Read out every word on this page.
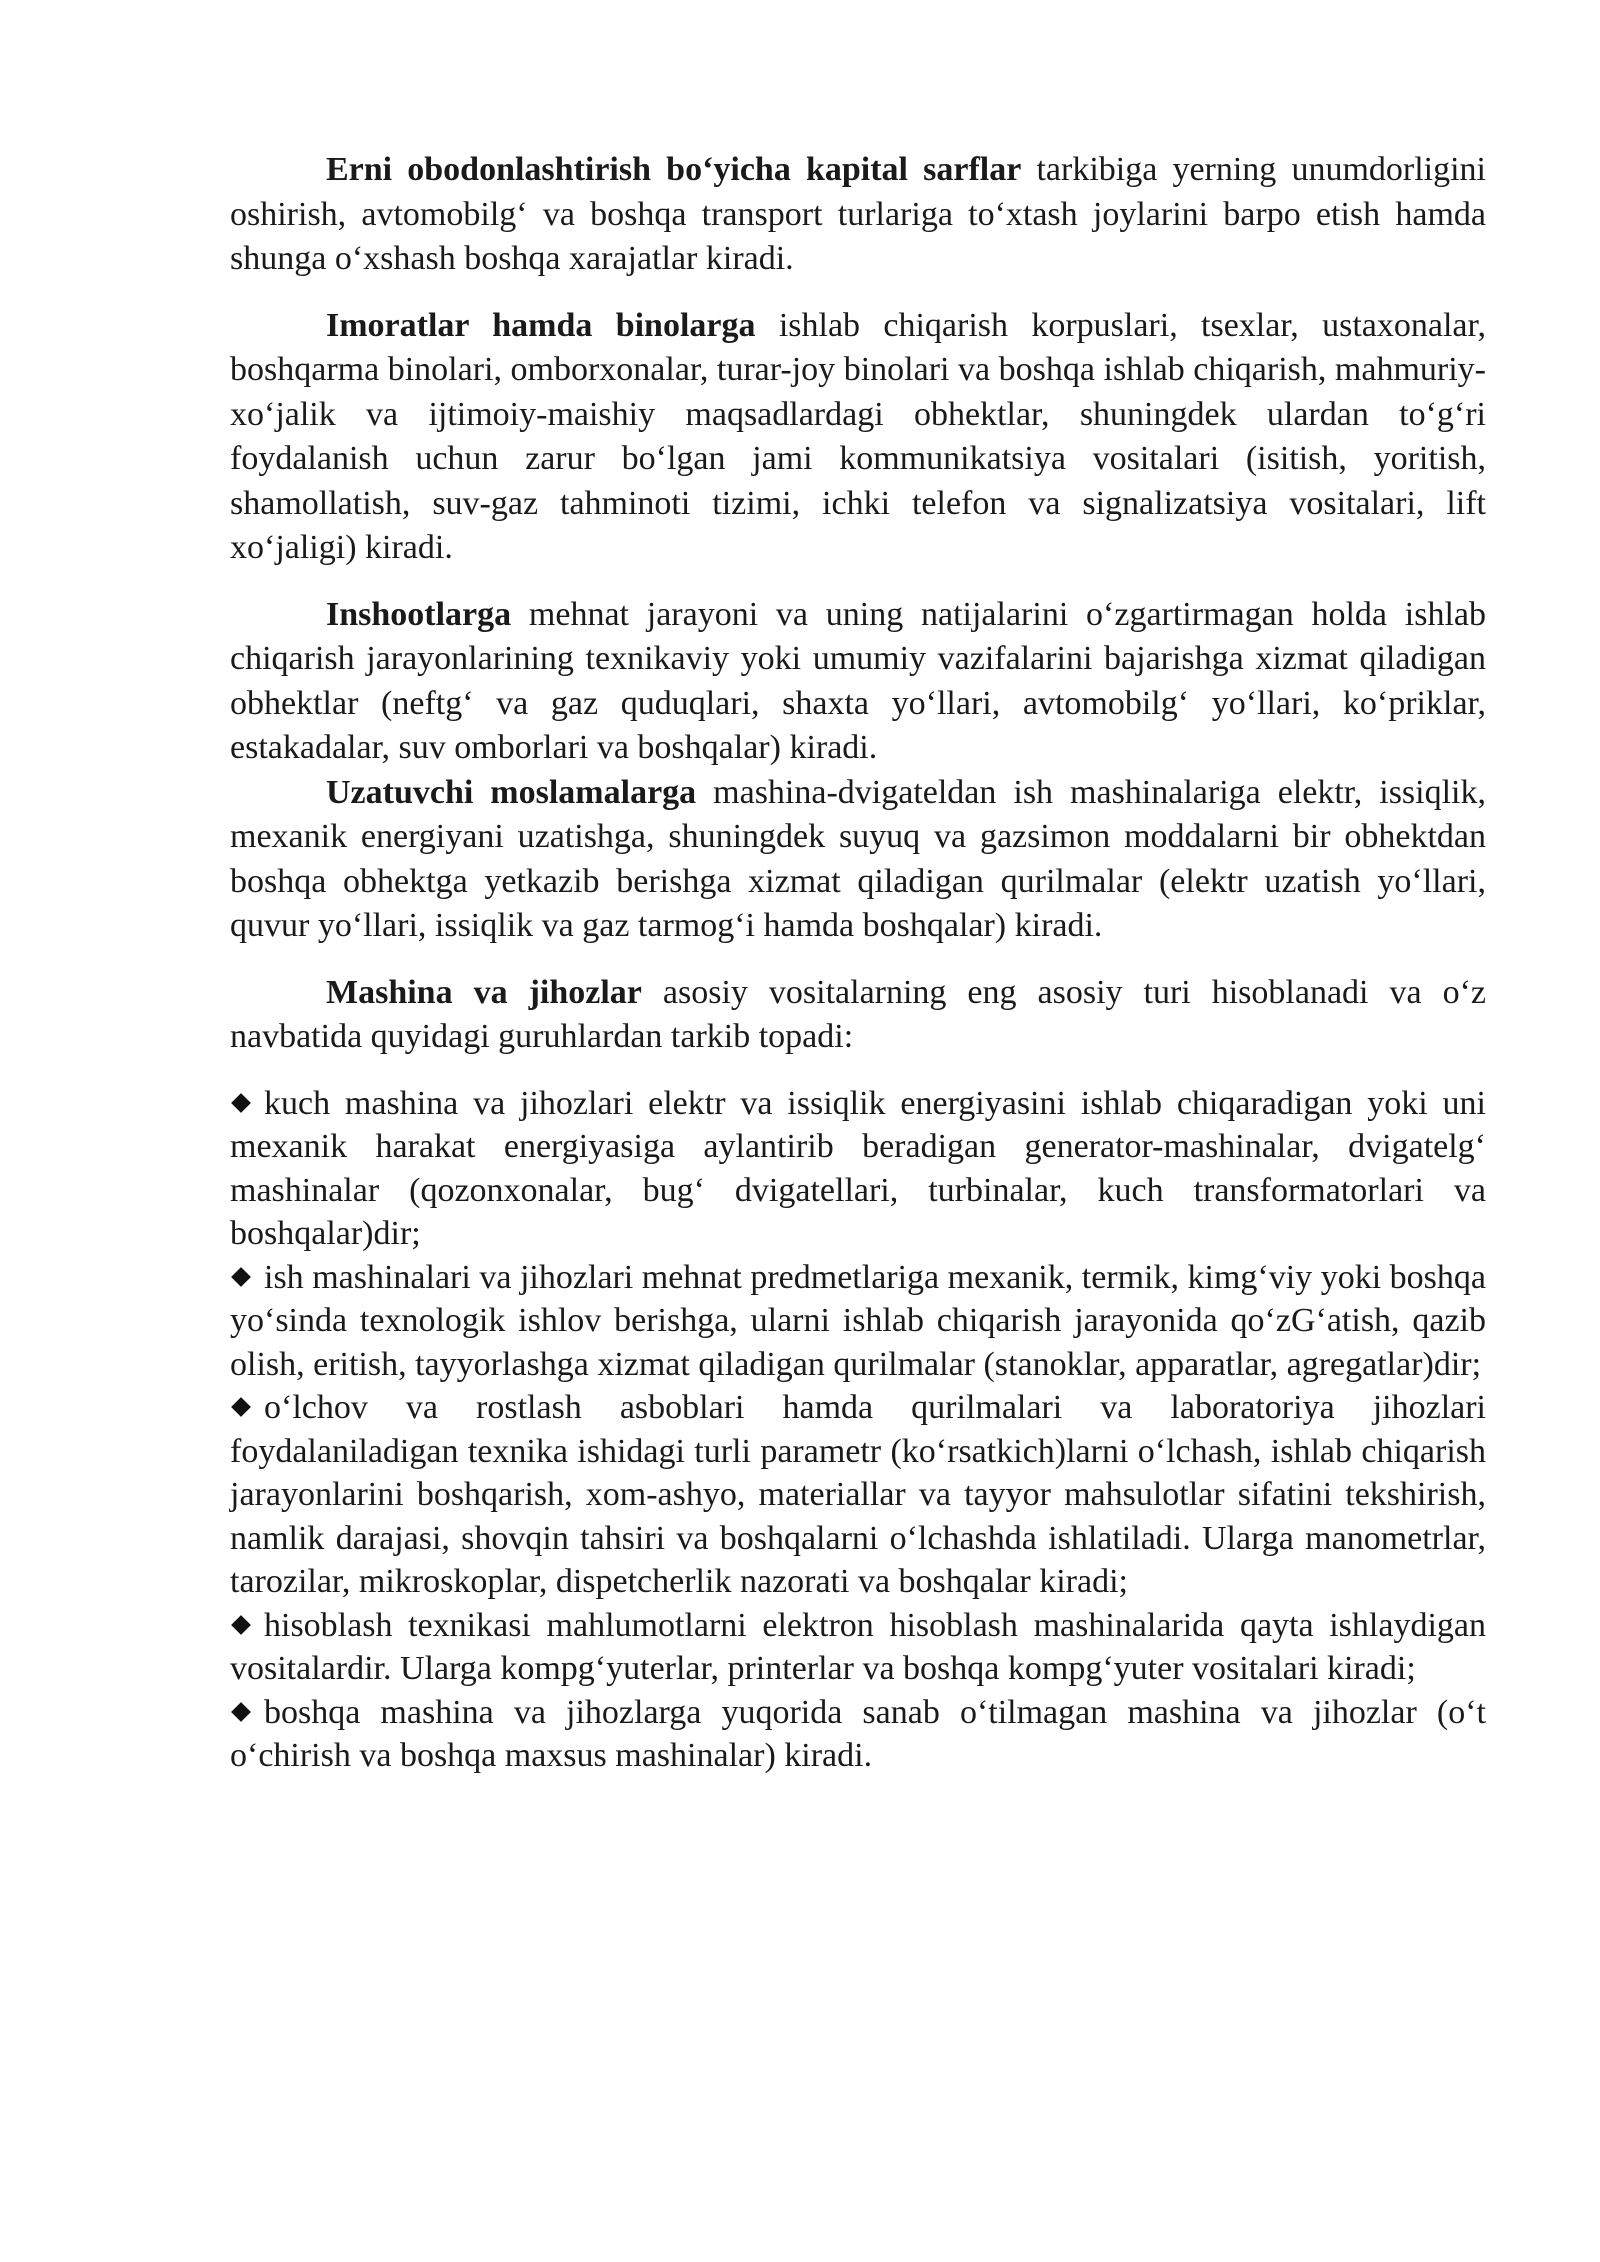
Erni obodonlashtirish bo‘yicha kapital sarflar tarkibiga yerning unumdorligini oshirish, avtomobilg‘ va boshqa transport turlariga to‘xtash joylarini barpo etish hamda shunga o‘xshash boshqa xarajatlar kiradi.

Imoratlar hamda binolarga ishlab chiqarish korpuslari, tsexlar, ustaxonalar, boshqarma binolari, omborxonalar, turar-joy binolari va boshqa ishlab chiqarish, mahmuriy-xo‘jalik va ijtimoiy-maishiy maqsadlardagi obhektlar, shuningdek ulardan to‘g‘ri foydalanish uchun zarur bo‘lgan jami kommunikatsiya vositalari (isitish, yoritish, shamollatish, suv-gaz tahminoti tizimi, ichki telefon va signalizatsiya vositalari, lift xo‘jaligi) kiradi.

Inshootlarga mehnat jarayoni va uning natijalarini o‘zgartirmagan holda ishlab chiqarish jarayonlarining texnikaviy yoki umumiy vazifalarini bajarishga xizmat qiladigan obhektlar (neftg‘ va gaz quduqlari, shaxta yo‘llari, avtomobilg‘ yo‘llari, ko‘priklar, estakadalar, suv omborlari va boshqalar) kiradi.

Uzatuvchi moslamalarga mashina-dvigateldan ish mashinalariga elektr, issiqlik, mexanik energiyani uzatishga, shuningdek suyuq va gazsimon moddalarni bir obhektdan boshqa obhektga yetkazib berishga xizmat qiladigan qurilmalar (elektr uzatish yo‘llari, quvur yo‘llari, issiqlik va gaz tarmog‘i hamda boshqalar) kiradi.

Mashina va jihozlar asosiy vositalarning eng asosiy turi hisoblanadi va o‘z navbatida quyidagi guruhlardan tarkib topadi:

kuch mashina va jihozlari elektr va issiqlik energiyasini ishlab chiqaradigan yoki uni mexanik harakat energiyasiga aylantirib beradigan generator-mashinalar, dvigatelg‘ mashinalar (qozonxonalar, bug‘ dvigatellari, turbinalar, kuch transformatorlari va boshqalar)dir;

ish mashinalari va jihozlari mehnat predmetlariga mexanik, termik, kimg‘viy yoki boshqa yo‘sinda texnologik ishlov berishga, ularni ishlab chiqarish jarayonida qo‘zG‘atish, qazib olish, eritish, tayyorlashga xizmat qiladigan qurilmalar (stanoklar, apparatlar, agregatlar)dir;

o‘lchov va rostlash asboblari hamda qurilmalari va laboratoriya jihozlari foydalaniladigan texnika ishidagi turli parametr (ko‘rsatkich)larni o‘lchash, ishlab chiqarish jarayonlarini boshqarish, xom-ashyo, materiallar va tayyor mahsulotlar sifatini tekshirish, namlik darajasi, shovqin tahsiri va boshqalarni o‘lchashda ishlatiladi. Ularga manometrlar, tarozilar, mikroskoplar, dispetcherlik nazorati va boshqalar kiradi;

hisoblash texnikasi mahlumotlarni elektron hisoblash mashinalarida qayta ishlaydigan vositalardir. Ularga kompg‘yuterlar, printerlar va boshqa kompg‘yuter vositalari kiradi;

boshqa mashina va jihozlarga yuqorida sanab o‘tilmagan mashina va jihozlar (o‘t o‘chirish va boshqa maxsus mashinalar) kiradi.
